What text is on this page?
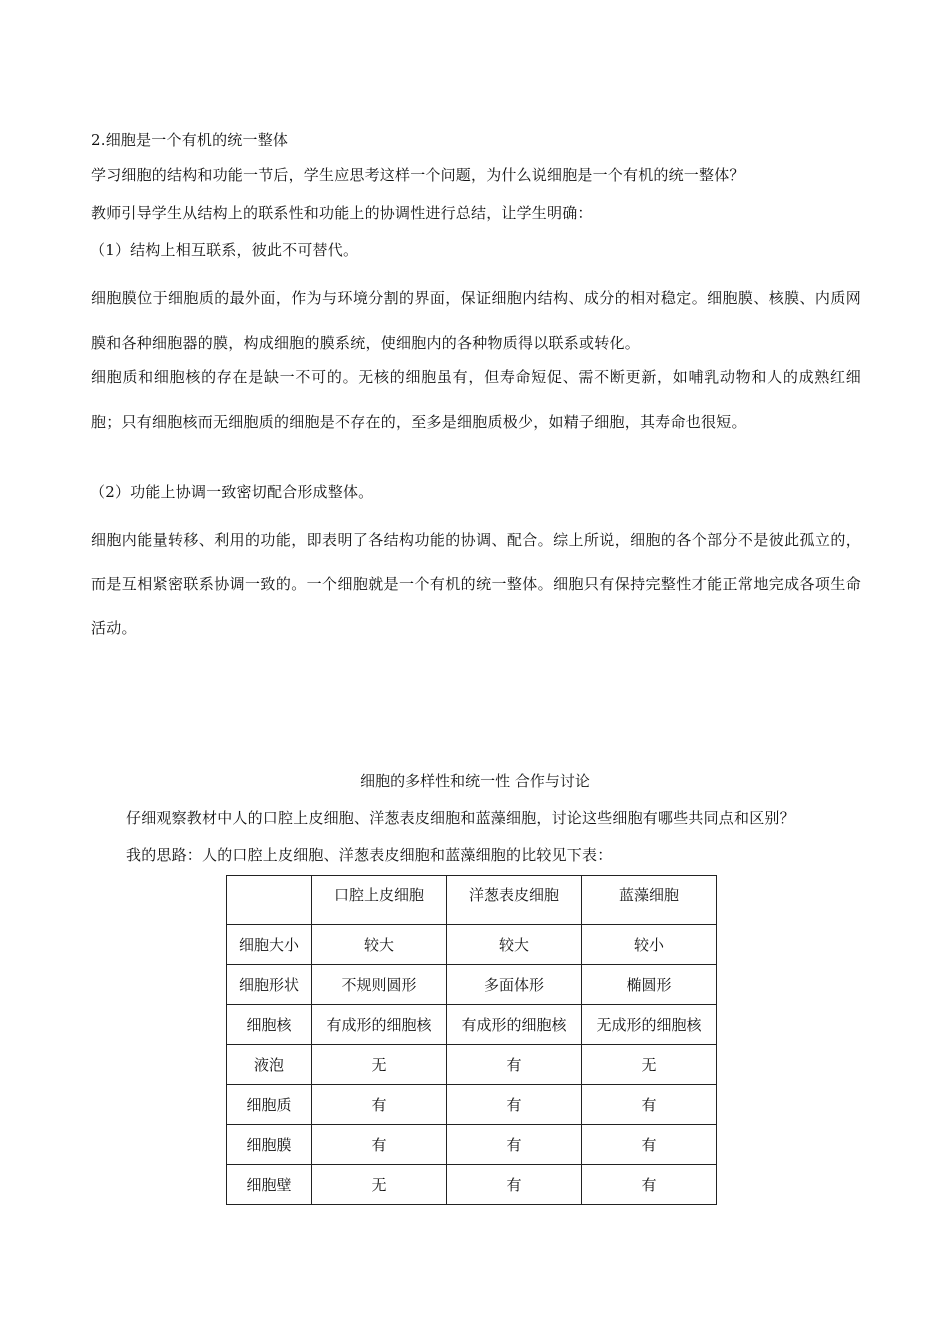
2.细胞是一个有机的统一整体
学习细胞的结构和功能一节后，学生应思考这样一个问题，为什么说细胞是一个有机的统一整体？
教师引导学生从结构上的联系性和功能上的协调性进行总结，让学生明确：
（1）结构上相互联系，彼此不可替代。
细胞膜位于细胞质的最外面，作为与环境分割的界面，保证细胞内结构、成分的相对稳定。细胞膜、核膜、内质网膜和各种细胞器的膜，构成细胞的膜系统，使细胞内的各种物质得以联系或转化。
细胞质和细胞核的存在是缺一不可的。无核的细胞虽有，但寿命短促、需不断更新，如哺乳动物和人的成熟红细胞；只有细胞核而无细胞质的细胞是不存在的，至多是细胞质极少，如精子细胞，其寿命也很短。
（2）功能上协调一致密切配合形成整体。
细胞内能量转移、利用的功能，即表明了各结构功能的协调、配合。综上所说，细胞的各个部分不是彼此孤立的，而是互相紧密联系协调一致的。一个细胞就是一个有机的统一整体。细胞只有保持完整性才能正常地完成各项生命活动。
细胞的多样性和统一性 合作与讨论
仔细观察教材中人的口腔上皮细胞、洋葱表皮细胞和蓝藻细胞，讨论这些细胞有哪些共同点和区别？
我的思路：人的口腔上皮细胞、洋葱表皮细胞和蓝藻细胞的比较见下表：
	口腔上皮细胞	洋葱表皮细胞	蓝藻细胞
细胞大小	较大	较大	较小
细胞形状	不规则圆形	多面体形	椭圆形
细胞核	有成形的细胞核	有成形的细胞核	无成形的细胞核
液泡	无	有	无
细胞质	有	有	有
细胞膜	有	有	有
细胞壁	无	有	有
